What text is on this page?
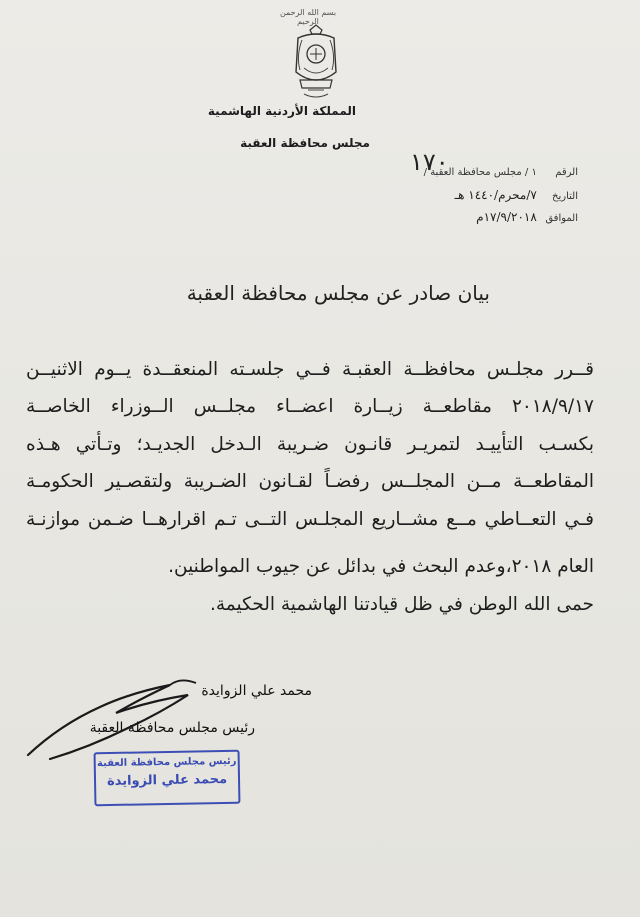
بسم الله الرحمن الرحيم
المملكة الأردنية الهاشمية
مجلس محافظة العقبة
١٧٠	الرقم ١ / مجلس محافظة العقبة /
التاريخ ٧/محرم/١٤٤٠ هـ
الموافق ١٧/٩/٢٠١٨م
بيان صادر عن مجلس محافظة العقبة
قــرر مجلـس محافظــة العقبـة فــي جلسـته المنعقــدة يــوم الاثنيــن
٢٠١٨/٩/١٧ مقاطعــة زيــارة اعضــاء مجلــس الــوزراء الخاصــة
بكسـب التأييـد لتمريـر قانـون ضـريبة الـدخل الجديـد؛ وتـأتي هـذه
المقاطعــة مــن المجلــس رفضـاً لقـانون الضـريبة ولتقصـير الحكومـة
فـي التعــاطي مــع مشــاريع المجلـس التــى تـم اقرارهــا ضـمن موازنـة
العام ٢٠١٨،وعدم البحث في بدائل عن جيوب المواطنين.
حمى الله الوطن في ظل قيادتنا الهاشمية الحكيمة.
محمد علي الزوايدة
رئيس مجلس محافظة العقبة
رئيس مجلس محافظة العقبة
محمد علي الزوايدة
